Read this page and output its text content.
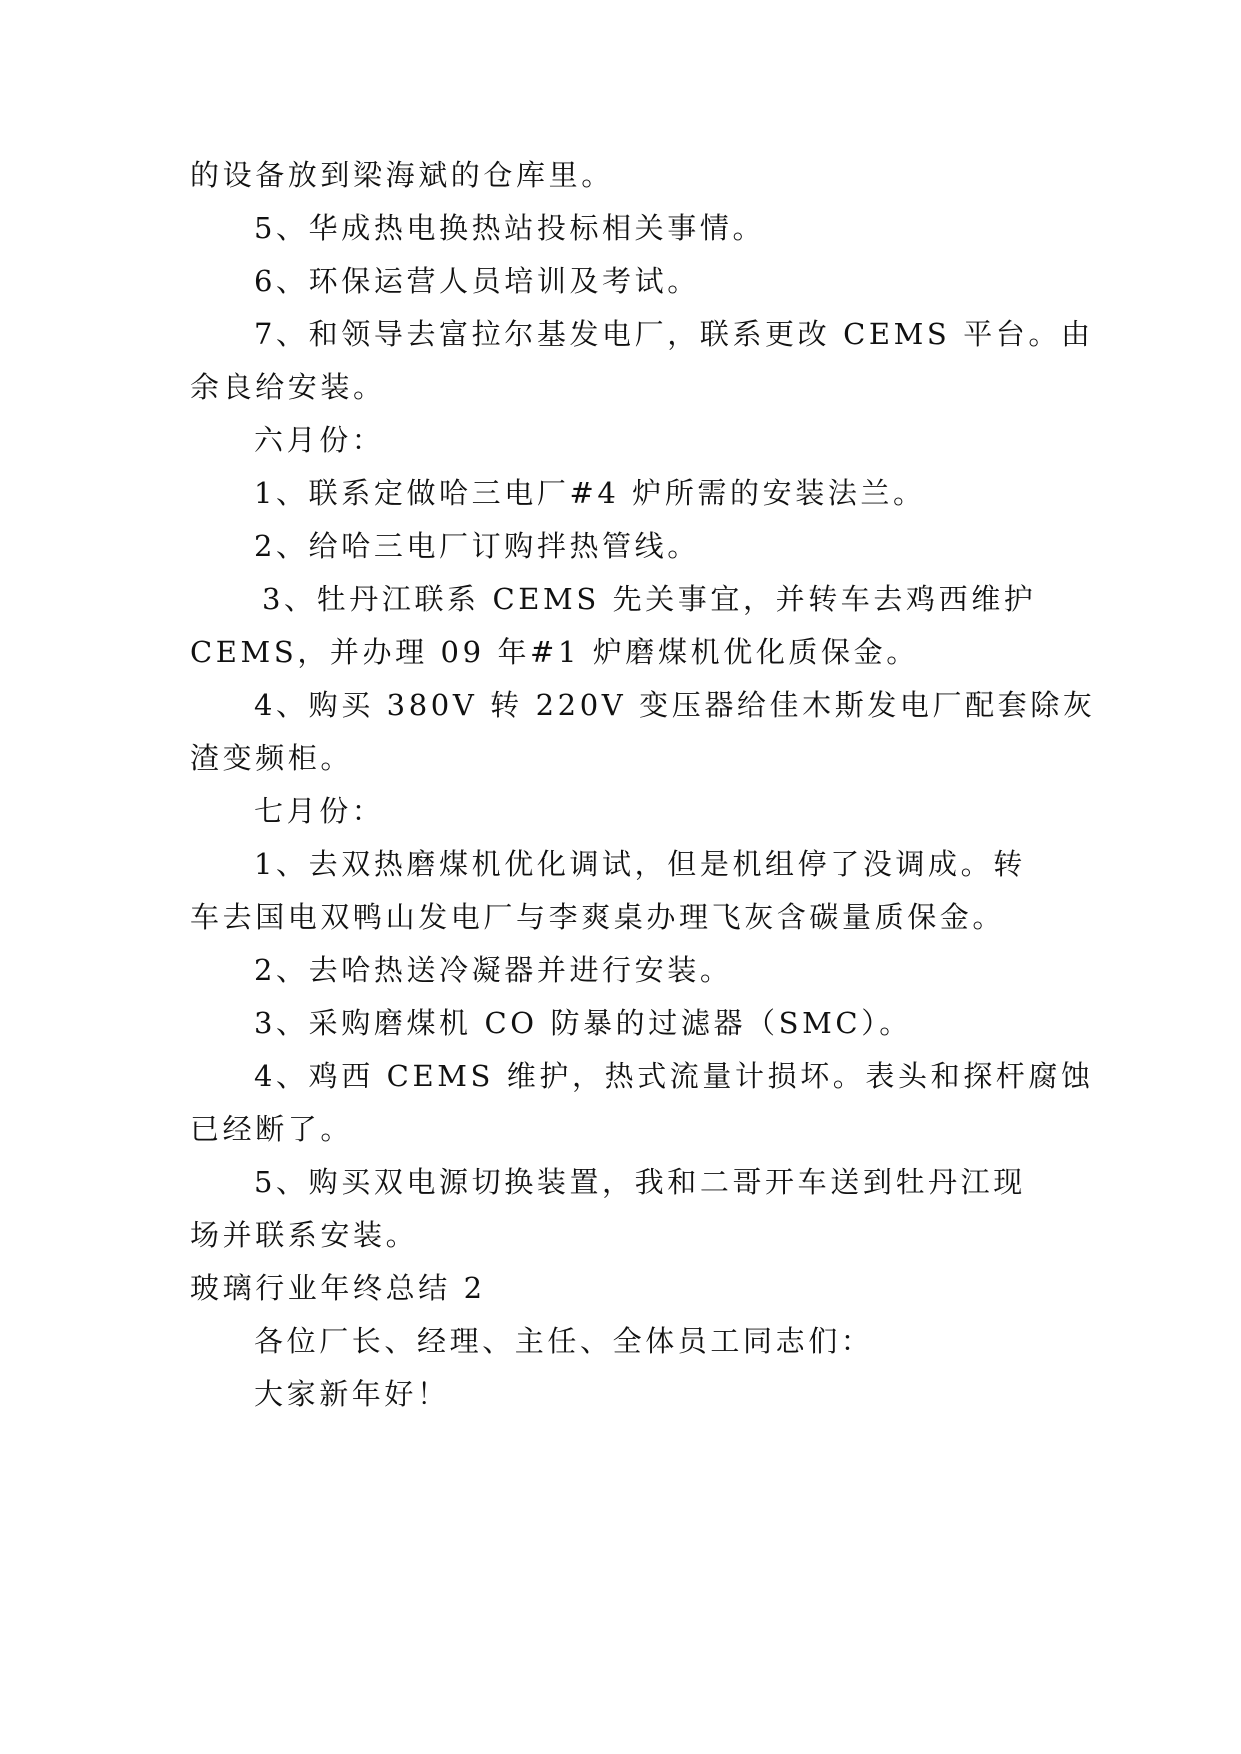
的设备放到梁海斌的仓库里。
5、华成热电换热站投标相关事情。
6、环保运营人员培训及考试。
7、和领导去富拉尔基发电厂，联系更改 CEMS 平台。由
余良给安装。
六月份：
1、联系定做哈三电厂#4 炉所需的安装法兰。
2、给哈三电厂订购拌热管线。
3、牡丹江联系 CEMS 先关事宜，并转车去鸡西维护
CEMS，并办理 09 年#1 炉磨煤机优化质保金。
4、购买 380V 转 220V 变压器给佳木斯发电厂配套除灰
渣变频柜。
七月份：
1、去双热磨煤机优化调试，但是机组停了没调成。转
车去国电双鸭山发电厂与李爽桌办理飞灰含碳量质保金。
2、去哈热送冷凝器并进行安装。
3、采购磨煤机 CO 防暴的过滤器（SMC）。
4、鸡西 CEMS 维护，热式流量计损坏。表头和探杆腐蚀
已经断了。
5、购买双电源切换装置，我和二哥开车送到牡丹江现
场并联系安装。
玻璃行业年终总结 2
各位厂长、经理、主任、全体员工同志们：
大家新年好！
